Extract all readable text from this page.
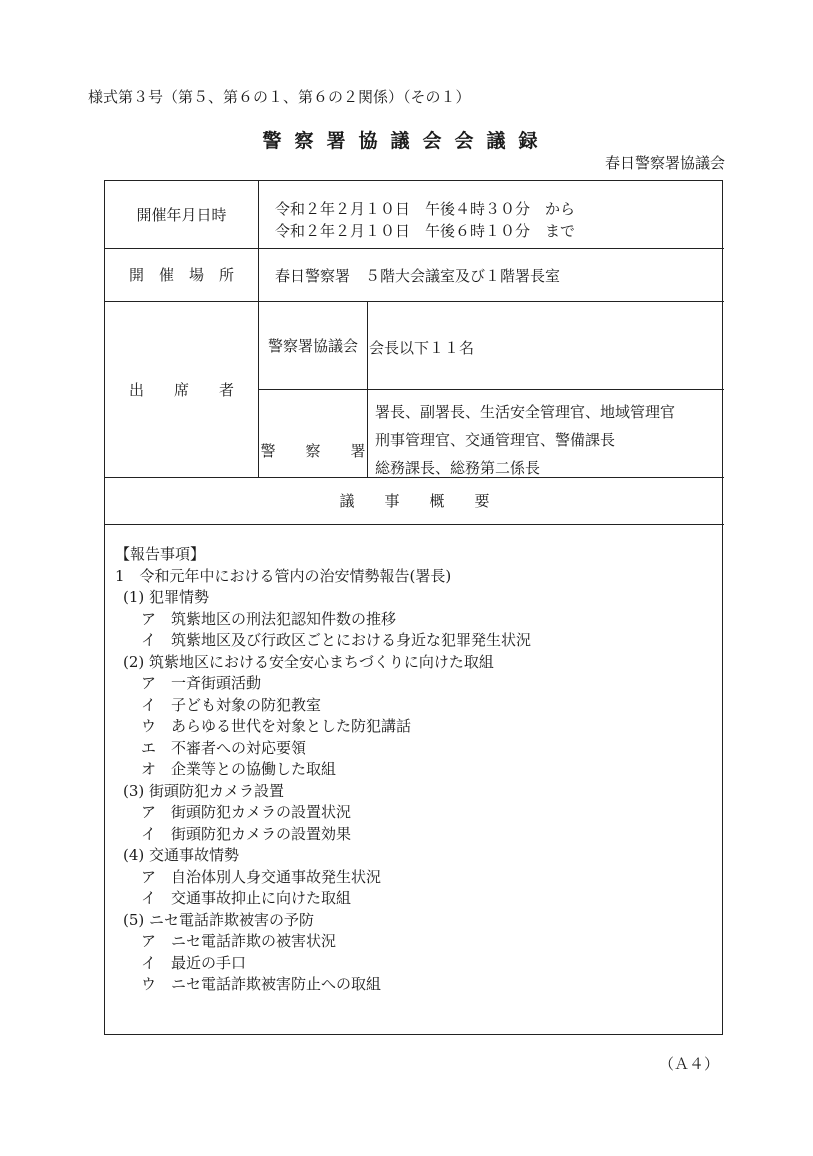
様式第３号（第５、第６の１、第６の２関係）（その１）
警察署協議会会議録
春日警察署協議会
開催年月日時	令和２年２月１０日　午後４時３０分　から
令和２年２月１０日　午後６時１０分　まで
開　催　場　所	春日警察署　５階大会議室及び１階署長室
出　　席　　者
警察署協議会 会長以下１１名
警　　察　　署
署長、副署長、生活安全管理官、地域管理官
刑事管理官、交通管理官、警備課長
総務課長、総務第二係長
議　　事　　概　　要
【報告事項】
1　令和元年中における管内の治安情勢報告(署長)
(1) 犯罪情勢
ア　筑紫地区の刑法犯認知件数の推移
イ　筑紫地区及び行政区ごとにおける身近な犯罪発生状況
(2) 筑紫地区における安全安心まちづくりに向けた取組
ア　一斉街頭活動
イ　子ども対象の防犯教室
ウ　あらゆる世代を対象とした防犯講話
エ　不審者への対応要領
オ　企業等との協働した取組
(3) 街頭防犯カメラ設置
ア　街頭防犯カメラの設置状況
イ　街頭防犯カメラの設置効果
(4) 交通事故情勢
ア　自治体別人身交通事故発生状況
イ　交通事故抑止に向けた取組
(5) ニセ電話詐欺被害の予防
ア　ニセ電話詐欺の被害状況
イ　最近の手口
ウ　ニセ電話詐欺被害防止への取組
（Ａ４）
